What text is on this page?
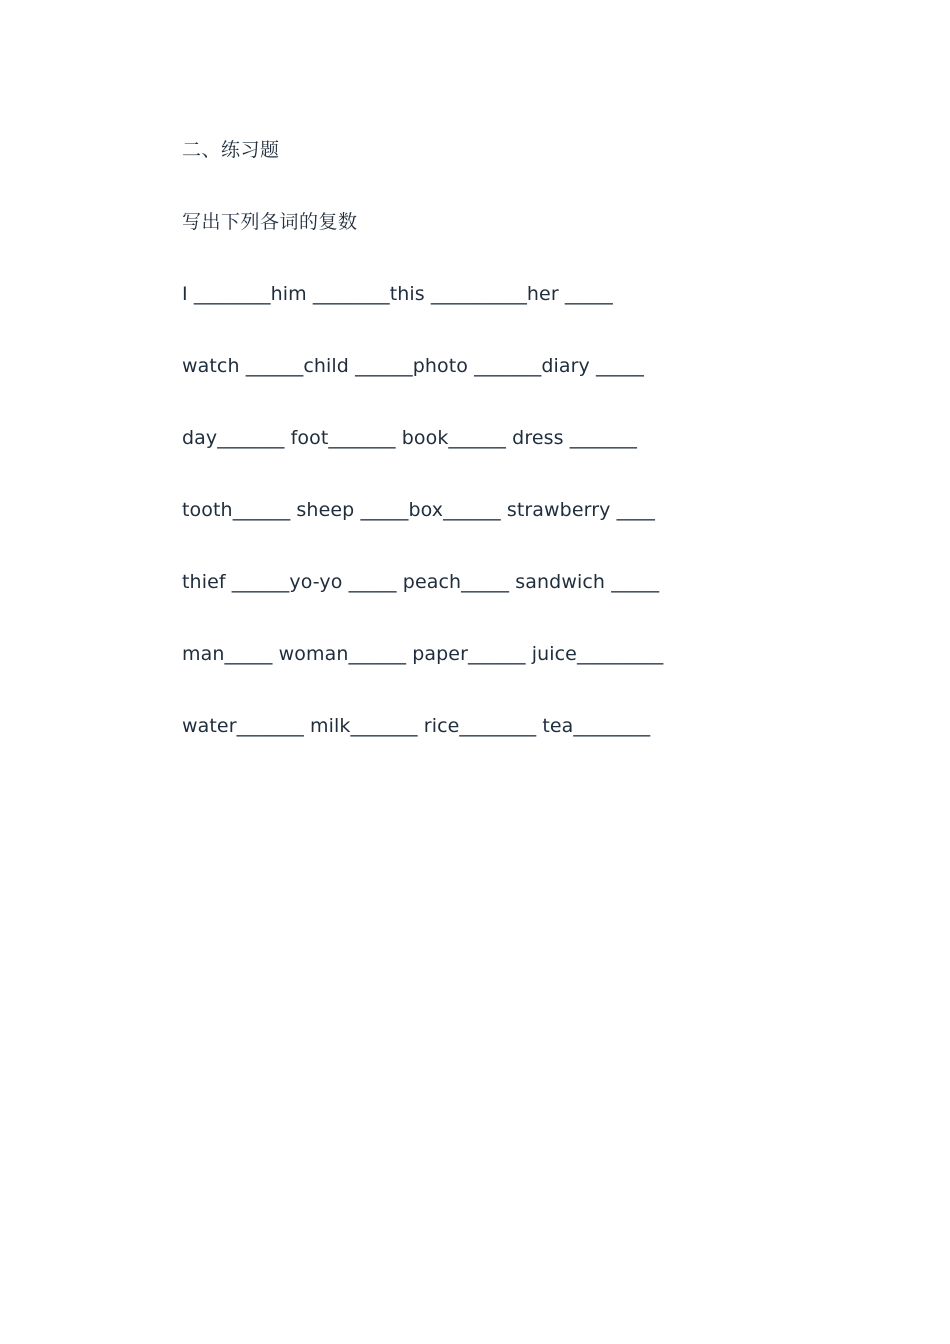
二、练习题
写出下列各词的复数
I ________him ________this __________her _____
watch ______child ______photo _______diary _____
day_______ foot_______ book______ dress _______
tooth______ sheep _____box______ strawberry ____
thief ______yo-yo _____ peach_____ sandwich _____
man_____ woman______ paper______ juice_________
water_______ milk_______ rice________ tea________
